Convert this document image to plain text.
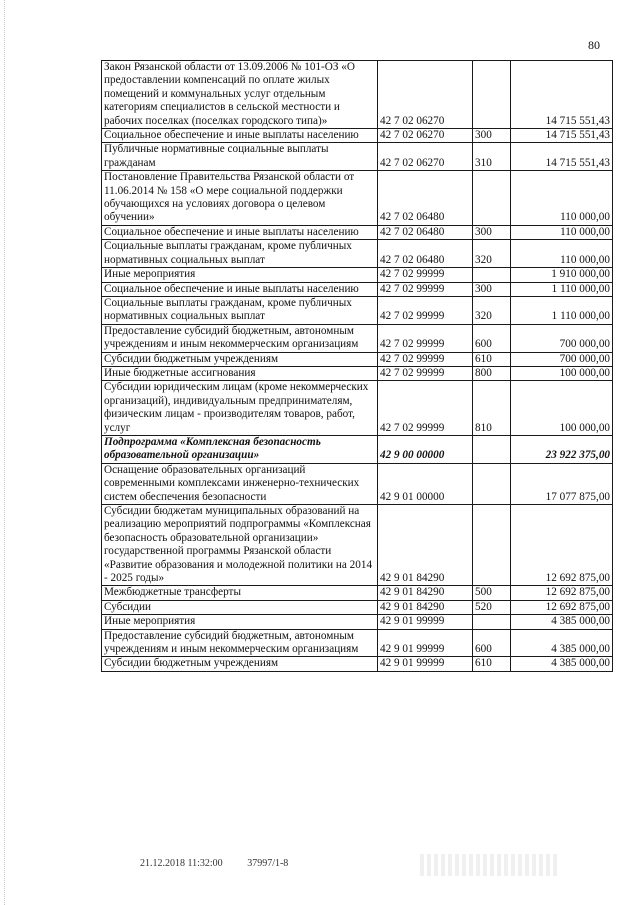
80
Закон Рязанской области от 13.09.2006 № 101-ОЗ «О предоставлении компенсаций по оплате жилых помещений и коммунальных услуг отдельным категориям специалистов в сельской местности и рабочих поселках (поселках городского типа)»	42 7 02 06270		14 715 551,43
Социальное обеспечение и иные выплаты населению	42 7 02 06270	300	14 715 551,43
Публичные нормативные социальные выплаты гражданам	42 7 02 06270	310	14 715 551,43
Постановление Правительства Рязанской области от 11.06.2014 № 158 «О мере социальной поддержки обучающихся на условиях договора о целевом обучении»	42 7 02 06480		110 000,00
Социальное обеспечение и иные выплаты населению	42 7 02 06480	300	110 000,00
Социальные выплаты гражданам, кроме публичных нормативных социальных выплат	42 7 02 06480	320	110 000,00
Иные мероприятия	42 7 02 99999		1 910 000,00
Социальное обеспечение и иные выплаты населению	42 7 02 99999	300	1 110 000,00
Социальные выплаты гражданам, кроме публичных нормативных социальных выплат	42 7 02 99999	320	1 110 000,00
Предоставление субсидий бюджетным, автономным учреждениям и иным некоммерческим организациям	42 7 02 99999	600	700 000,00
Субсидии бюджетным учреждениям	42 7 02 99999	610	700 000,00
Иные бюджетные ассигнования	42 7 02 99999	800	100 000,00
Субсидии юридическим лицам (кроме некоммерческих организаций), индивидуальным предпринимателям, физическим лицам - производителям товаров, работ, услуг	42 7 02 99999	810	100 000,00
Подпрограмма «Комплексная безопасность образовательной организации»	42 9 00 00000		23 922 375,00
Оснащение образовательных организаций современными комплексами инженерно-технических систем обеспечения безопасности	42 9 01 00000		17 077 875,00
Субсидии бюджетам муниципальных образований на реализацию мероприятий подпрограммы «Комплексная безопасность образовательной организации» государственной программы Рязанской области «Развитие образования и молодежной политики на 2014 - 2025 годы»	42 9 01 84290		12 692 875,00
Межбюджетные трансферты	42 9 01 84290	500	12 692 875,00
Субсидии	42 9 01 84290	520	12 692 875,00
Иные мероприятия	42 9 01 99999		4 385 000,00
Предоставление субсидий бюджетным, автономным учреждениям и иным некоммерческим организациям	42 9 01 99999	600	4 385 000,00
Субсидии бюджетным учреждениям	42 9 01 99999	610	4 385 000,00
21.12.2018 11:32:00 37997/1-8
